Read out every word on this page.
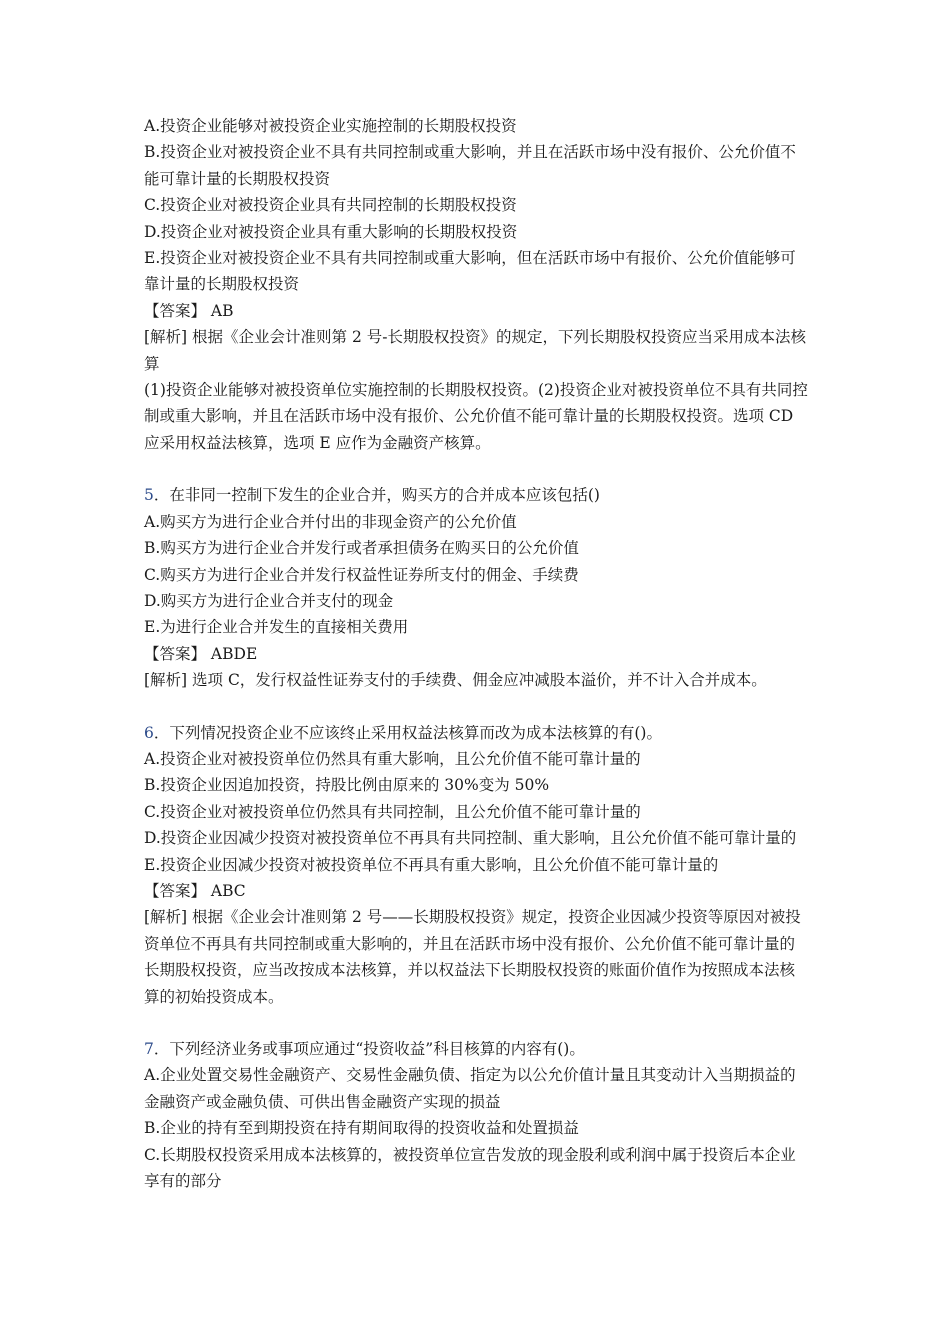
A.投资企业能够对被投资企业实施控制的长期股权投资

B.投资企业对被投资企业不具有共同控制或重大影响，并且在活跃市场中没有报价、公允价值不能可靠计量的长期股权投资

C.投资企业对被投资企业具有共同控制的长期股权投资

D.投资企业对被投资企业具有重大影响的长期股权投资

E.投资企业对被投资企业不具有共同控制或重大影响，但在活跃市场中有报价、公允价值能够可靠计量的长期股权投资

【答案】 AB

[解析] 根据《企业会计准则第 2 号-长期股权投资》的规定，下列长期股权投资应当采用成本法核算

(1)投资企业能够对被投资单位实施控制的长期股权投资。(2)投资企业对被投资单位不具有共同控制或重大影响，并且在活跃市场中没有报价、公允价值不能可靠计量的长期股权投资。选项 CD 应采用权益法核算，选项 E 应作为金融资产核算。

5．在非同一控制下发生的企业合并，购买方的合并成本应该包括()

A.购买方为进行企业合并付出的非现金资产的公允价值

B.购买方为进行企业合并发行或者承担债务在购买日的公允价值

C.购买方为进行企业合并发行权益性证券所支付的佣金、手续费

D.购买方为进行企业合并支付的现金

E.为进行企业合并发生的直接相关费用

【答案】 ABDE

[解析] 选项 C，发行权益性证券支付的手续费、佣金应冲减股本溢价，并不计入合并成本。

6．下列情况投资企业不应该终止采用权益法核算而改为成本法核算的有()。

A.投资企业对被投资单位仍然具有重大影响，且公允价值不能可靠计量的

B.投资企业因追加投资，持股比例由原来的 30%变为 50%

C.投资企业对被投资单位仍然具有共同控制，且公允价值不能可靠计量的

D.投资企业因减少投资对被投资单位不再具有共同控制、重大影响，且公允价值不能可靠计量的

E.投资企业因减少投资对被投资单位不再具有重大影响，且公允价值不能可靠计量的

【答案】 ABC

[解析] 根据《企业会计准则第 2 号——长期股权投资》规定，投资企业因减少投资等原因对被投资单位不再具有共同控制或重大影响的，并且在活跃市场中没有报价、公允价值不能可靠计量的长期股权投资，应当改按成本法核算，并以权益法下长期股权投资的账面价值作为按照成本法核算的初始投资成本。

7．下列经济业务或事项应通过“投资收益”科目核算的内容有()。

A.企业处置交易性金融资产、交易性金融负债、指定为以公允价值计量且其变动计入当期损益的金融资产或金融负债、可供出售金融资产实现的损益

B.企业的持有至到期投资在持有期间取得的投资收益和处置损益

C.长期股权投资采用成本法核算的，被投资单位宣告发放的现金股利或利润中属于投资后本企业享有的部分
